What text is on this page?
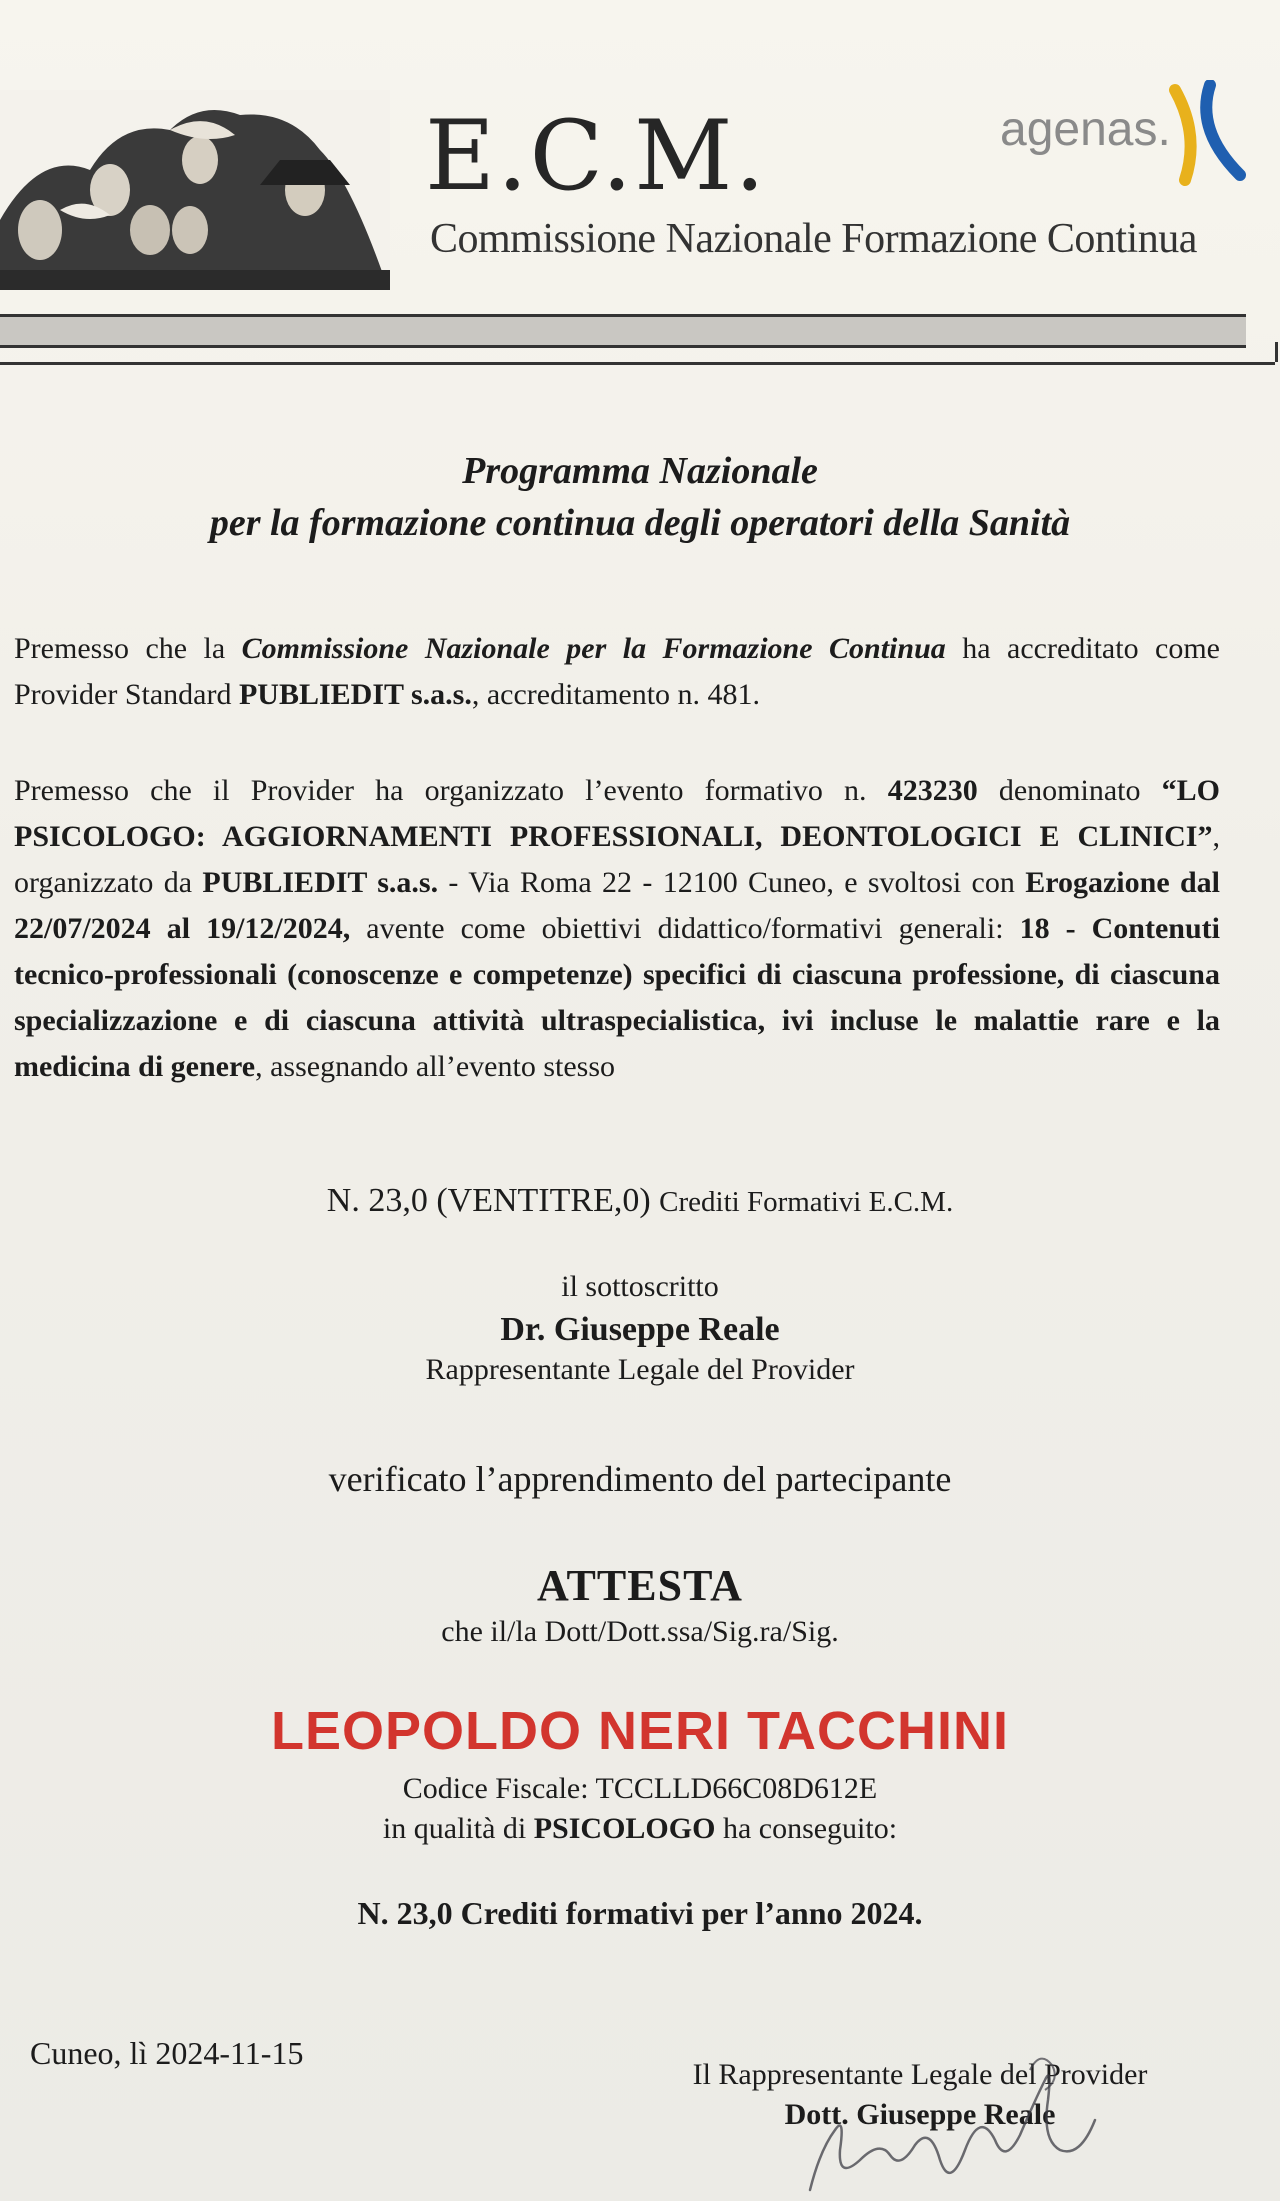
E.C.M.
Commissione Nazionale Formazione Continua
agenas.
Programma Nazionale
per la formazione continua degli operatori della Sanità
Premesso che la Commissione Nazionale per la Formazione Continua ha accreditato come Provider Standard PUBLIEDIT s.a.s., accreditamento n. 481.
Premesso che il Provider ha organizzato l’evento formativo n. 423230 denominato “LO PSICOLOGO: AGGIORNAMENTI PROFESSIONALI, DEONTOLOGICI E CLINICI”, organizzato da PUBLIEDIT s.a.s. - Via Roma 22 - 12100 Cuneo, e svoltosi con Erogazione dal 22/07/2024 al 19/12/2024, avente come obiettivi didattico/formativi generali: 18 - Contenuti tecnico-professionali (conoscenze e competenze) specifici di ciascuna professione, di ciascuna specializzazione e di ciascuna attività ultraspecialistica, ivi incluse le malattie rare e la medicina di genere, assegnando all’evento stesso
N. 23,0 (VENTITRE,0) Crediti Formativi E.C.M.
il sottoscritto
Dr. Giuseppe Reale
Rappresentante Legale del Provider
verificato l’apprendimento del partecipante
ATTESTA
che il/la Dott/Dott.ssa/Sig.ra/Sig.
LEOPOLDO NERI TACCHINI
Codice Fiscale: TCCLLD66C08D612E
in qualità di PSICOLOGO ha conseguito:
N. 23,0 Crediti formativi per l’anno 2024.
Cuneo, lì 2024-11-15
Il Rappresentante Legale del Provider
Dott. Giuseppe Reale
